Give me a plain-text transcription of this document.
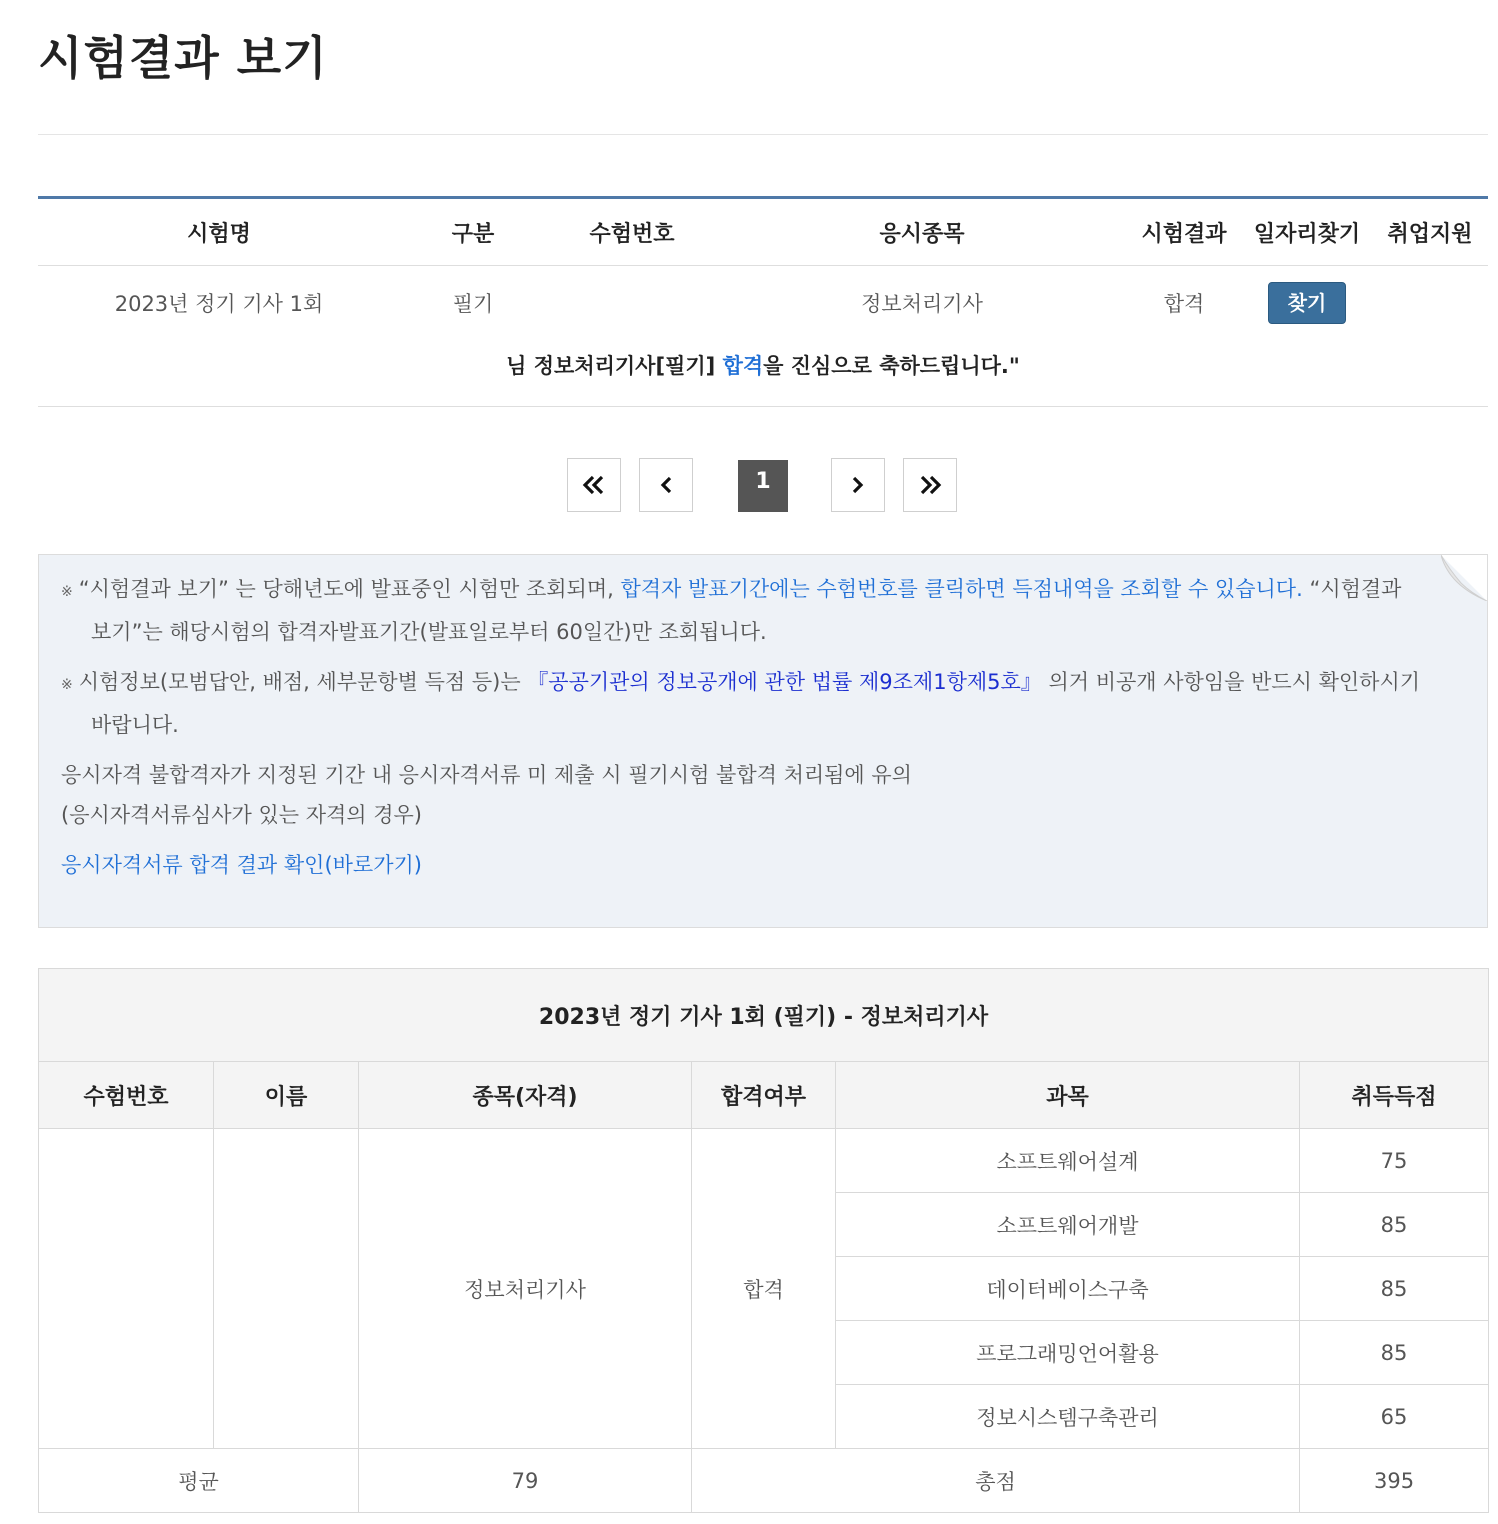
시험결과 보기
시험명	구분	수험번호	응시종목	시험결과	일자리찾기	취업지원
2023년 정기 기사 1회	필기		정보처리기사	합격	찾기	
님 정보처리기사[필기] 합격을 진심으로 축하드립니다."
1

※ “시험결과 보기” 는 당해년도에 발표중인 시험만 조회되며, 합격자 발표기간에는 수험번호를 클릭하면 득점내역을 조회할 수 있습니다. “시험결과
보기”는 해당시험의 합격자발표기간(발표일로부터 60일간)만 조회됩니다.

※ 시험정보(모범답안, 배점, 세부문항별 득점 등)는 『공공기관의 정보공개에 관한 법률 제9조제1항제5호』 의거 비공개 사항임을 반드시 확인하시기
바랍니다.

응시자격 불합격자가 지정된 기간 내 응시자격서류 미 제출 시 필기시험 불합격 처리됨에 유의

(응시자격서류심사가 있는 자격의 경우)

응시자격서류 합격 결과 확인(바로가기)
2023년 정기 기사 1회 (필기) - 정보처리기사					
수험번호	이름	종목(자격)	합격여부	과목	취득득점
		정보처리기사	합격	소프트웨어설계	75
				소프트웨어개발	85
				데이터베이스구축	85
				프로그래밍언어활용	85
				정보시스템구축관리	65
평균		79	총점		395
